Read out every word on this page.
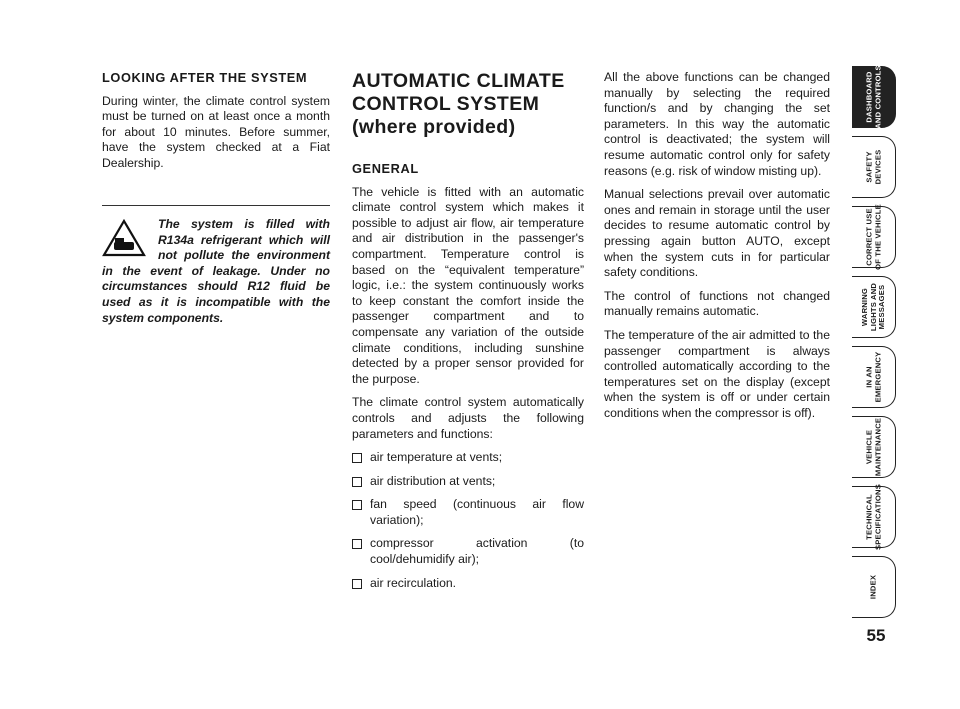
LOOKING AFTER THE SYSTEM

During winter, the climate control system must be turned on at least once a month for about 10 minutes. Before summer, have the system checked at a Fiat Dealership.

The system is filled with R134a refrigerant which will not pollute the environment in the event of leakage. Under no circumstances should R12 fluid be used as it is incompatible with the system components.
AUTOMATIC CLIMATE
CONTROL SYSTEM
(where provided)
GENERAL

The vehicle is fitted with an automatic climate control system which makes it possible to adjust air flow, air temperature and air distribution in the passenger's compartment. Temperature control is based on the “equivalent temperature” logic, i.e.: the system continuously works to keep constant the comfort inside the passenger compartment and to compensate any variation of the outside climate conditions, including sunshine detected by a proper sensor provided for the purpose.

The climate control system automatically controls and adjusts the following parameters and functions:

air temperature at vents;
air distribution at vents;
fan speed (continuous air flow variation);
compressor activation (to cool/dehumidify air);
air recirculation.

All the above functions can be changed manually by selecting the required function/s and by changing the set parameters. In this way the automatic control is deactivated; the system will resume automatic control only for safety reasons (e.g. risk of window misting up).

Manual selections prevail over automatic ones and remain in storage until the user decides to resume automatic control by pressing again button AUTO, except when the system cuts in for particular safety conditions.

The control of functions not changed manually remains automatic.

The temperature of the air admitted to the passenger compartment is always controlled automatically according to the temperatures set on the display (except when the system is off or under certain conditions when the compressor is off).

DASHBOARD
AND CONTROLS
SAFETY
DEVICES
CORRECT USE
OF THE VEHICLE
WARNING
LIGHTS AND
MESSAGES
IN AN
EMERGENCY
VEHICLE
MAINTENANCE
TECHNICAL
SPECIFICATIONS
INDEX
55
